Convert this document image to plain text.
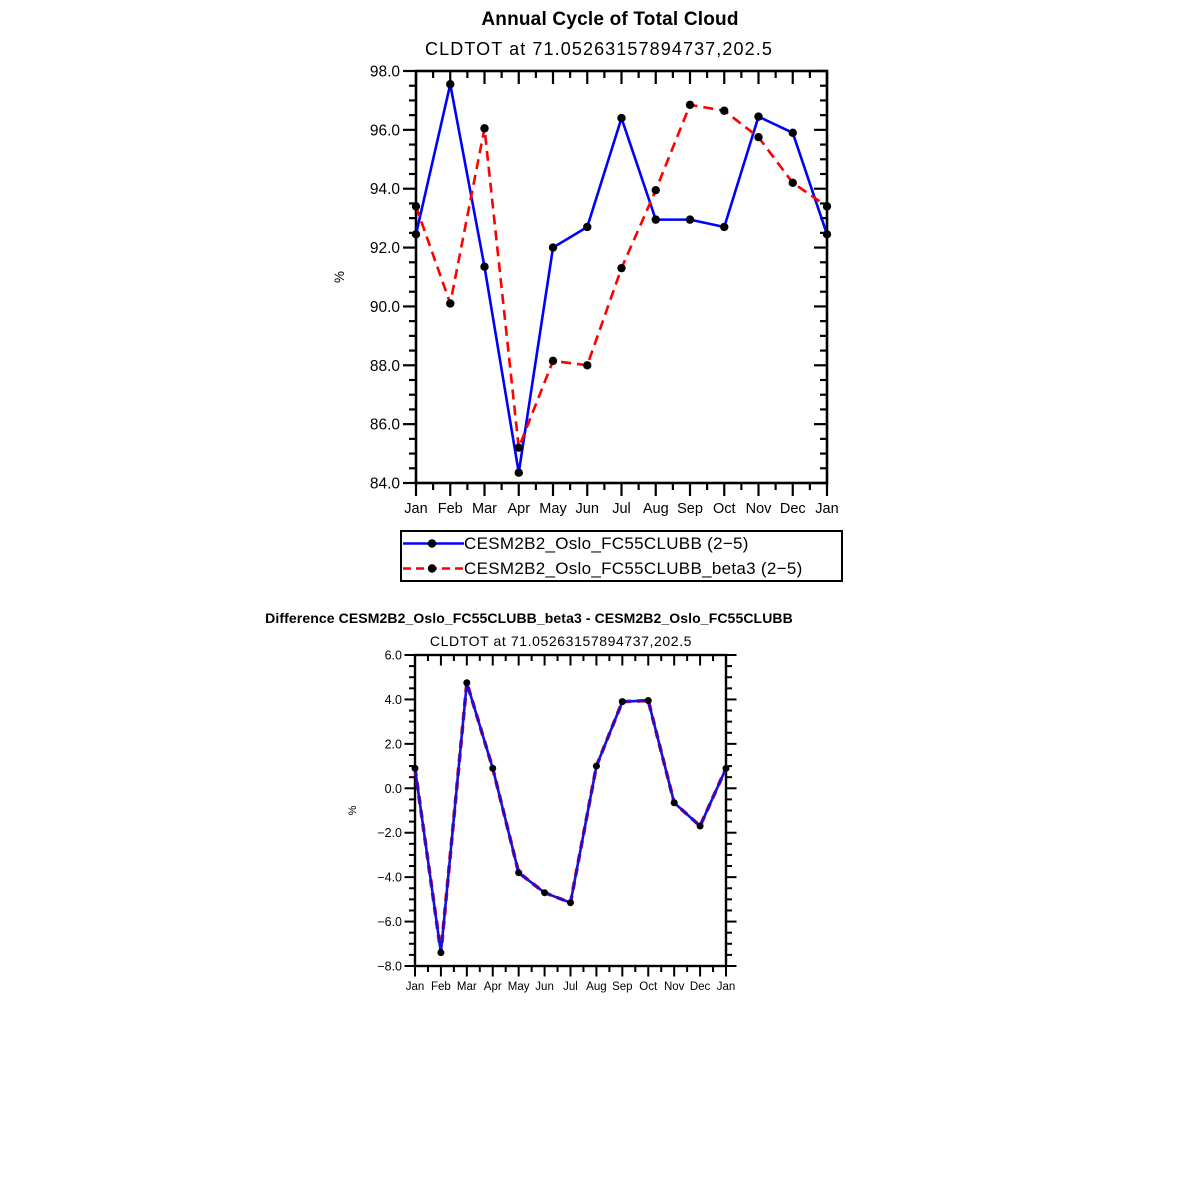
84.0
86.0
88.0
90.0
92.0
94.0
96.0
98.0
Jan Feb Mar Apr May Jun Jul Aug Sep Oct Nov Dec Jan
%
−8.0
−6.0
−4.0
−2.0
0.0
2.0
4.0
6.0
Jan Feb Mar Apr May Jun Jul Aug Sep Oct Nov Dec Jan
%
Annual Cycle of Total Cloud
CLDTOT at 71.05263157894737,202.5
Difference CESM2B2_Oslo_FC55CLUBB_beta3 - CESM2B2_Oslo_FC55CLUBB
CLDTOT at 71.05263157894737,202.5
CESM2B2_Oslo_FC55CLUBB (2−5)
CESM2B2_Oslo_FC55CLUBB_beta3 (2−5)
